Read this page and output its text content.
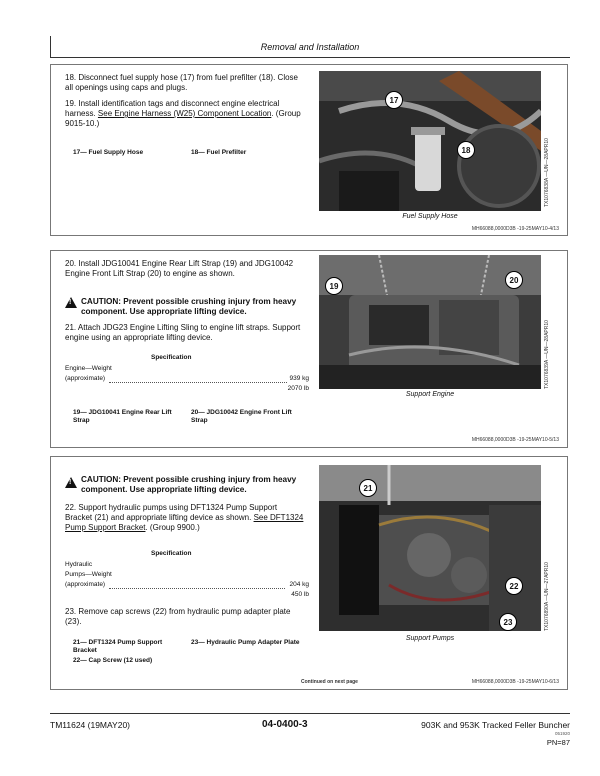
Removal and Installation
18. Disconnect fuel supply hose (17) from fuel prefilter (18). Close all openings using caps and plugs.
19. Install identification tags and disconnect engine electrical harness. See Engine Harness (W25) Component Location. (Group 9015-10.)
17— Fuel Supply Hose	18— Fuel Prefilter
17
18	TX1076838A —UN—28APR10
Fuel Supply Hose
MH66088,0000D3B -19-25MAY10-4/13
20. Install JDG10041 Engine Rear Lift Strap (19) and JDG10042 Engine Front Lift Strap (20) to engine as shown.
!
CAUTION: Prevent possible crushing injury from heavy component. Use appropriate lifting device.
21. Attach JDG23 Engine Lifting Sling to engine lift straps. Support engine using an appropriate lifting device.
Specification
Engine—Weight
(approximate)	939 kg
2070 lb
19— JDG10041 Engine Rear Lift Strap
20— JDG10042 Engine Front Lift Strap
19
20
TX1076839A —UN—28APR10
Support Engine
MH66088,0000D3B -19-25MAY10-5/13
!
CAUTION: Prevent possible crushing injury from heavy component. Use appropriate lifting device.
22. Support hydraulic pumps using DFT1324 Pump Support Bracket (21) and appropriate lifting device as shown. See DFT1324 Pump Support Bracket. (Group 9900.)
Specification
Hydraulic
Pumps—Weight
(approximate)	204 kg
450 lb
23. Remove cap screws (22) from hydraulic pump adapter plate (23).
21— DFT1324 Pump Support Bracket
22— Cap Screw (12 used)
23— Hydraulic Pump Adapter Plate
21
22
23	TX1076890A —UN—27APR10
Support Pumps
Continued on next page	MH66088,0000D3B -19-25MAY10-6/13
TM11624 (19MAY20)	04-0400-3	903K and 953K Tracked Feller Buncher
051920
PN=87
